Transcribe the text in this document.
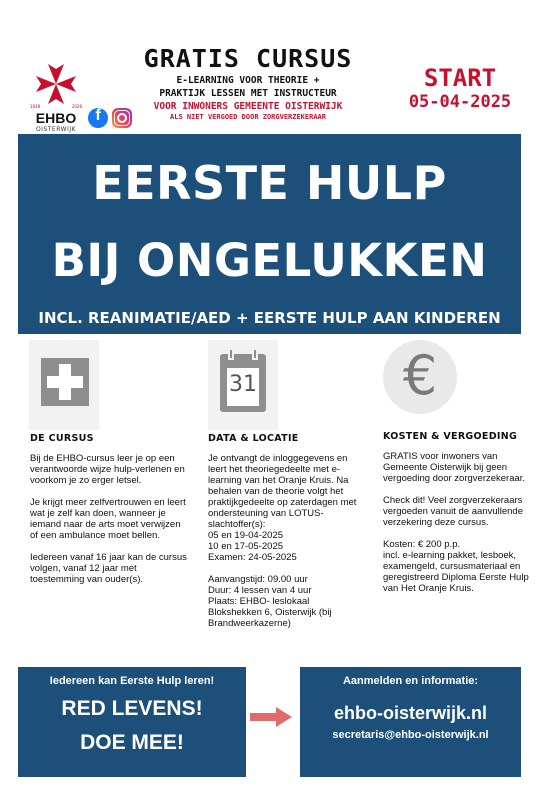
1928	2028
EHBO
OISTERWIJK
f
GRATIS CURSUS
E-LEARNING VOOR THEORIE +
PRAKTIJK LESSEN MET INSTRUCTEUR
VOOR INWONERS GEMEENTE OISTERWIJK
ALS NIET VERGOED DOOR ZORGVERZEKERAAR
START
05-04-2025
EERSTE HULP
BIJ ONGELUKKEN
INCL. REANIMATIE/AED + EERSTE HULP AAN KINDEREN
31	€
DE CURSUS

Bij de EHBO-cursus leer je op een verantwoorde wijze hulp-verlenen en voorkom je zo erger letsel.

Je krijgt meer zelfvertrouwen en leert wat je zelf kan doen, wanneer je iemand naar de arts moet verwijzen of een ambulance moet bellen.

Iedereen vanaf 16 jaar kan de cursus volgen, vanaf 12 jaar met toestemming van ouder(s).

DATA & LOCATIE

Je ontvangt de inloggegevens en leert het theoriegedeelte met e-learning van het Oranje Kruis. Na behalen van de theorie volgt het praktijkgedeelte op zaterdagen met ondersteuning van LOTUS-slachtoffer(s):
05 en 19-04-2025
10 en 17-05-2025
Examen: 24-05-2025

Aanvangstijd: 09.00 uur
Duur: 4 lessen van 4 uur
Plaats: EHBO- leslokaal Blokshekken 6, Oisterwijk (bij Brandweerkazerne)

KOSTEN & VERGOEDING

GRATIS voor inwoners van Gemeente Oisterwijk bij geen vergoeding door zorgverzekeraar.

Check dit! Veel zorgverzekeraars vergoeden vanuit de aanvullende verzekering deze cursus.

Kosten: € 200 p.p.
incl. e-learning pakket, lesboek, examengeld, cursusmateriaal en geregistreerd Diploma Eerste Hulp van Het Oranje Kruis.

Iedereen kan Eerste Hulp leren!
RED LEVENS!
DOE MEE!
Aanmelden en informatie:
ehbo-oisterwijk.nl
secretaris@ehbo-oisterwijk.nl
